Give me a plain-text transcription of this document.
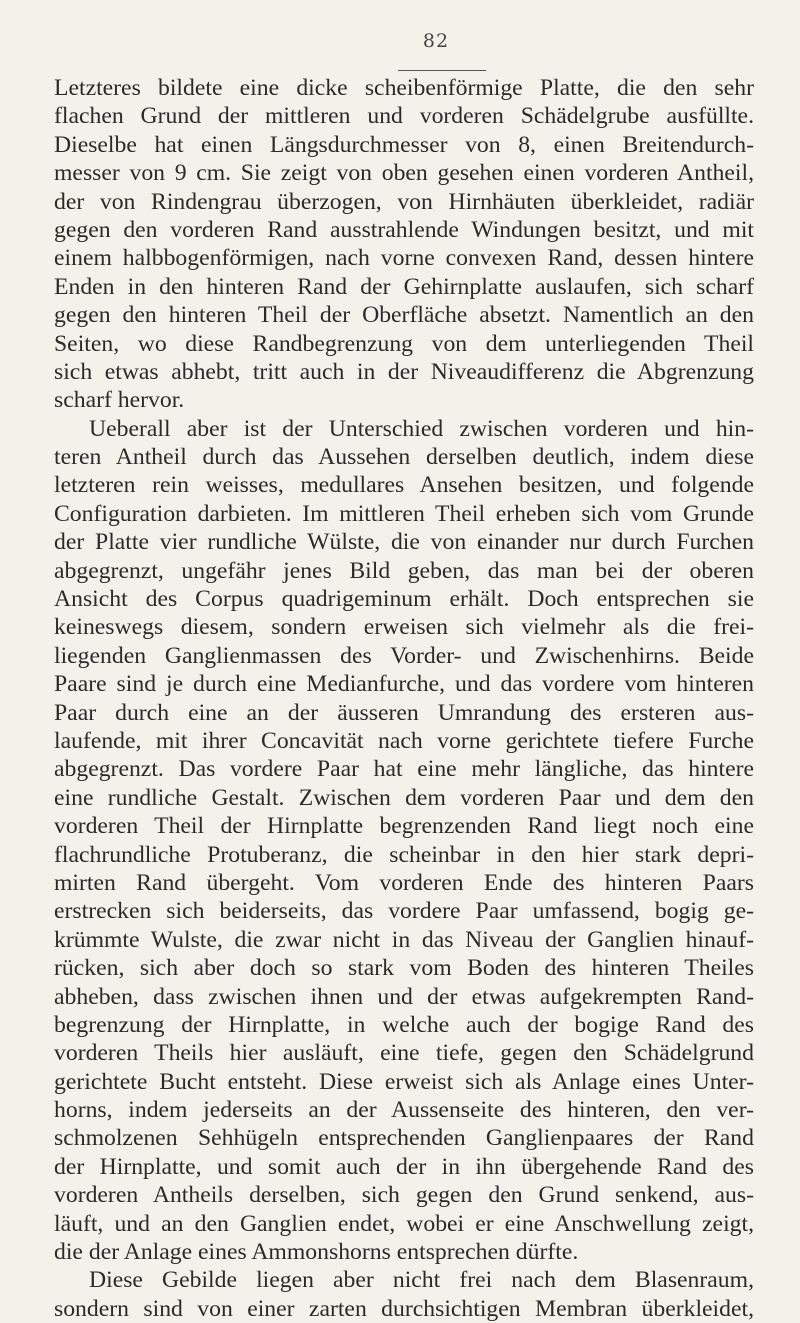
82
Letzteres bildete eine dicke scheibenförmige Platte, die den sehr
flachen Grund der mittleren und vorderen Schädelgrube ausfüllte.
Dieselbe hat einen Längsdurchmesser von 8, einen Breitendurch-
messer von 9 cm. Sie zeigt von oben gesehen einen vorderen Antheil,
der von Rindengrau überzogen, von Hirnhäuten überkleidet, radiär
gegen den vorderen Rand ausstrahlende Windungen besitzt, und mit
einem halbbogenförmigen, nach vorne convexen Rand, dessen hintere
Enden in den hinteren Rand der Gehirnplatte auslaufen, sich scharf
gegen den hinteren Theil der Oberfläche absetzt. Namentlich an den
Seiten, wo diese Randbegrenzung von dem unterliegenden Theil
sich etwas abhebt, tritt auch in der Niveaudifferenz die Abgrenzung
scharf hervor.
Ueberall aber ist der Unterschied zwischen vorderen und hin-
teren Antheil durch das Aussehen derselben deutlich, indem diese
letzteren rein weisses, medullares Ansehen besitzen, und folgende
Configuration darbieten. Im mittleren Theil erheben sich vom Grunde
der Platte vier rundliche Wülste, die von einander nur durch Furchen
abgegrenzt, ungefähr jenes Bild geben, das man bei der oberen
Ansicht des Corpus quadrigeminum erhält. Doch entsprechen sie
keineswegs diesem, sondern erweisen sich vielmehr als die frei-
liegenden Ganglienmassen des Vorder- und Zwischenhirns. Beide
Paare sind je durch eine Medianfurche, und das vordere vom hinteren
Paar durch eine an der äusseren Umrandung des ersteren aus-
laufende, mit ihrer Concavität nach vorne gerichtete tiefere Furche
abgegrenzt. Das vordere Paar hat eine mehr längliche, das hintere
eine rundliche Gestalt. Zwischen dem vorderen Paar und dem den
vorderen Theil der Hirnplatte begrenzenden Rand liegt noch eine
flachrundliche Protuberanz, die scheinbar in den hier stark depri-
mirten Rand übergeht. Vom vorderen Ende des hinteren Paars
erstrecken sich beiderseits, das vordere Paar umfassend, bogig ge-
krümmte Wulste, die zwar nicht in das Niveau der Ganglien hinauf-
rücken, sich aber doch so stark vom Boden des hinteren Theiles
abheben, dass zwischen ihnen und der etwas aufgekrempten Rand-
begrenzung der Hirnplatte, in welche auch der bogige Rand des
vorderen Theils hier ausläuft, eine tiefe, gegen den Schädelgrund
gerichtete Bucht entsteht. Diese erweist sich als Anlage eines Unter-
horns, indem jederseits an der Aussenseite des hinteren, den ver-
schmolzenen Sehhügeln entsprechenden Ganglienpaares der Rand
der Hirnplatte, und somit auch der in ihn übergehende Rand des
vorderen Antheils derselben, sich gegen den Grund senkend, aus-
läuft, und an den Ganglien endet, wobei er eine Anschwellung zeigt,
die der Anlage eines Ammonshorns entsprechen dürfte.
Diese Gebilde liegen aber nicht frei nach dem Blasenraum,
sondern sind von einer zarten durchsichtigen Membran überkleidet,
